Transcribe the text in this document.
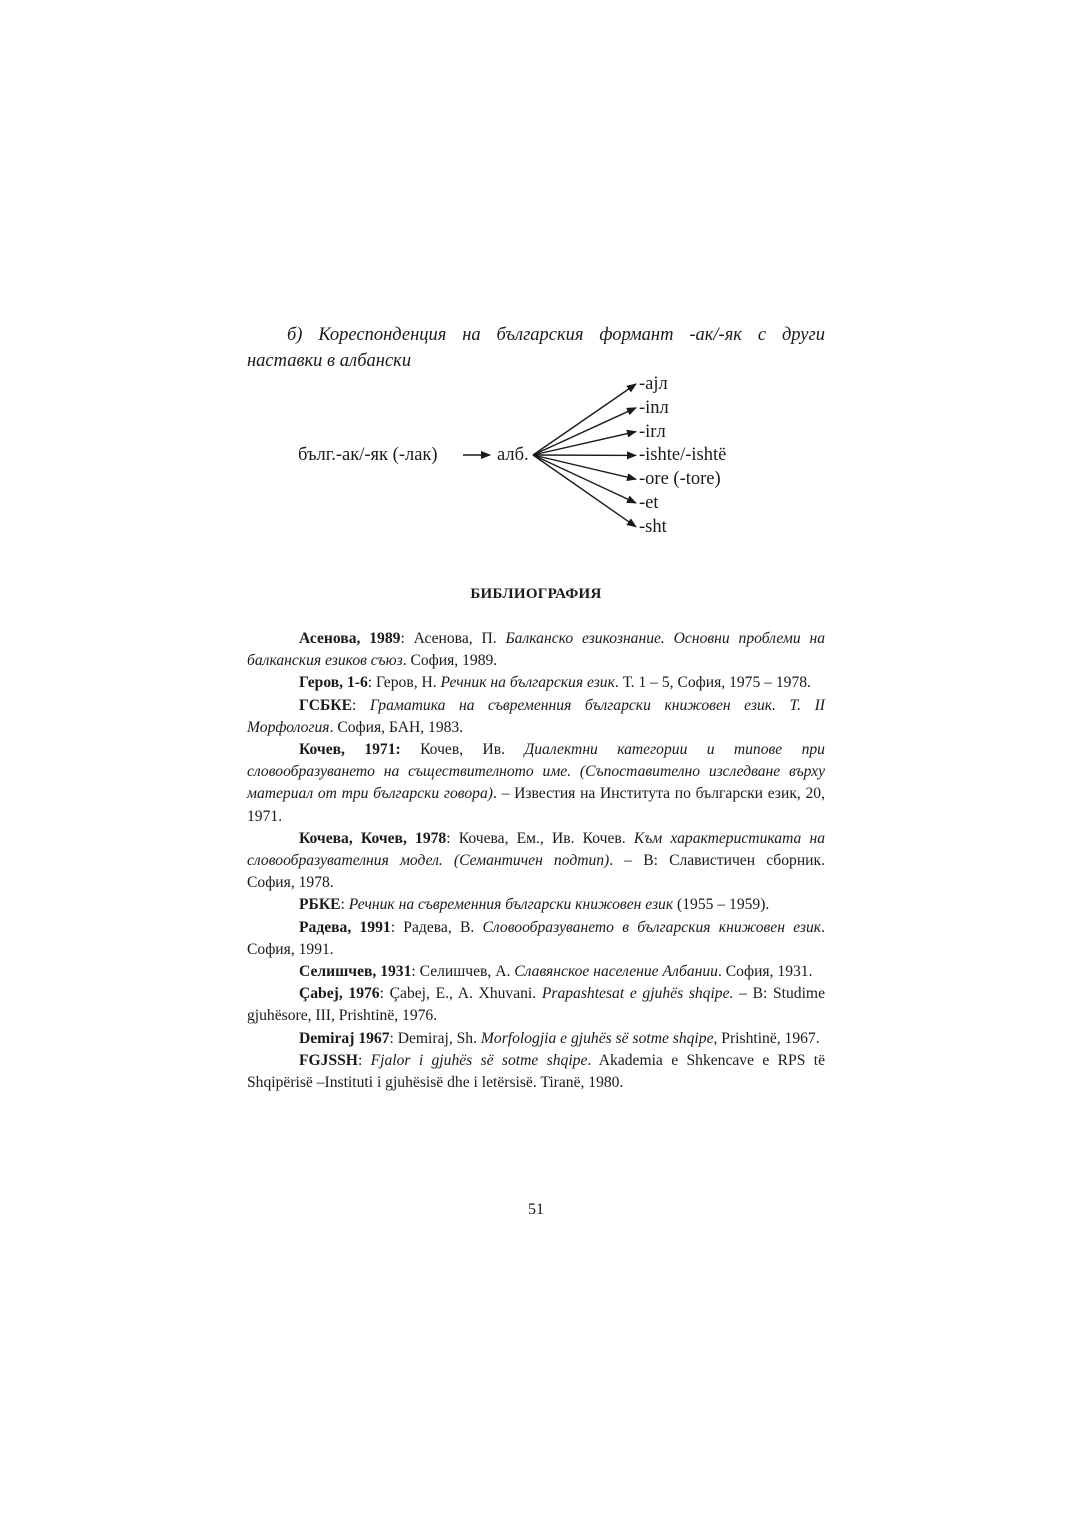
б) Кореспонденция на българския формант -ак/-як с други наставки в албански

бълг.-ак/-як (-лак)	алб.
-ajл
-inл
-irл
-ishte/-ishtë
-ore (-tore)
-et
-sht

БИБЛИОГРАФИЯ

Асенова, 1989: Асенова, П. Балканско езикознание. Основни проблеми на балканския езиков съюз. София, 1989.
Геров, 1-6: Геров, Н. Речник на българския език. Т. 1 – 5, София, 1975 – 1978.
ГСБКЕ: Граматика на съвременния български книжовен език. Т. II Морфология. София, БАН, 1983.
Кочев, 1971: Кочев, Ив. Диалектни категории и типове при словообразуването на съществителното име. (Съпоставително изследване върху материал от три български говора). – Известия на Института по български език, 20, 1971.
Кочева, Кочев, 1978: Кочева, Ем., Ив. Кочев. Към характеристиката на словообразувателния модел. (Семантичен подтип). – В: Славистичен сборник. София, 1978.
РБКЕ: Речник на съвременния български книжовен език (1955 – 1959).
Радева, 1991: Радева, В. Словообразуването в българския книжовен език. София, 1991.
Селишчев, 1931: Селишчев, А. Славянское население Албании. София, 1931.
Çabej, 1976: Çabej, E., A. Xhuvani. Prapashtesat e gjuhës shqipe. – В: Studime gjuhësore, III, Prishtinë, 1976.
Demiraj 1967: Demiraj, Sh. Morfologjia e gjuhës së sotme shqipe, Prishtinë, 1967.
FGJSSH: Fjalor i gjuhës së sotme shqipe. Akademia e Shkencave e RPS të Shqipërisë –Instituti i gjuhësisë dhe i letërsisë. Tiranë, 1980.

51
